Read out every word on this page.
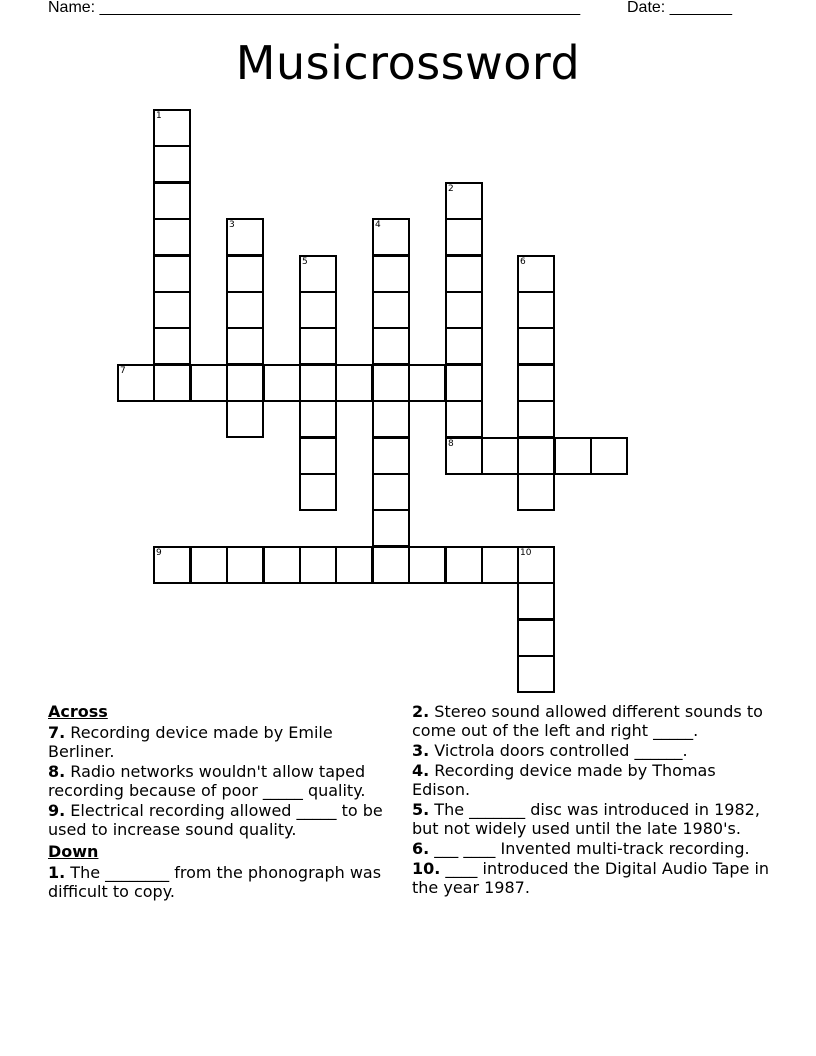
Name: ______________________________________________________	Date: _______
Musicrossword
1
2
3	4
5	6
7
8
9	10
Across
7. Recording device made by Emile Berliner.
8. Radio networks wouldn't allow taped recording because of poor _____ quality.
9. Electrical recording allowed _____ to be used to increase sound quality.
Down
1. The ________ from the phonograph was difficult to copy.
2. Stereo sound allowed different sounds to come out of the left and right _____.
3. Victrola doors controlled ______.
4. Recording device made by Thomas Edison.
5. The _______ disc was introduced in 1982, but not widely used until the late 1980's.
6. ___ ____ Invented multi-track recording.
10. ____ introduced the Digital Audio Tape in the year 1987.
